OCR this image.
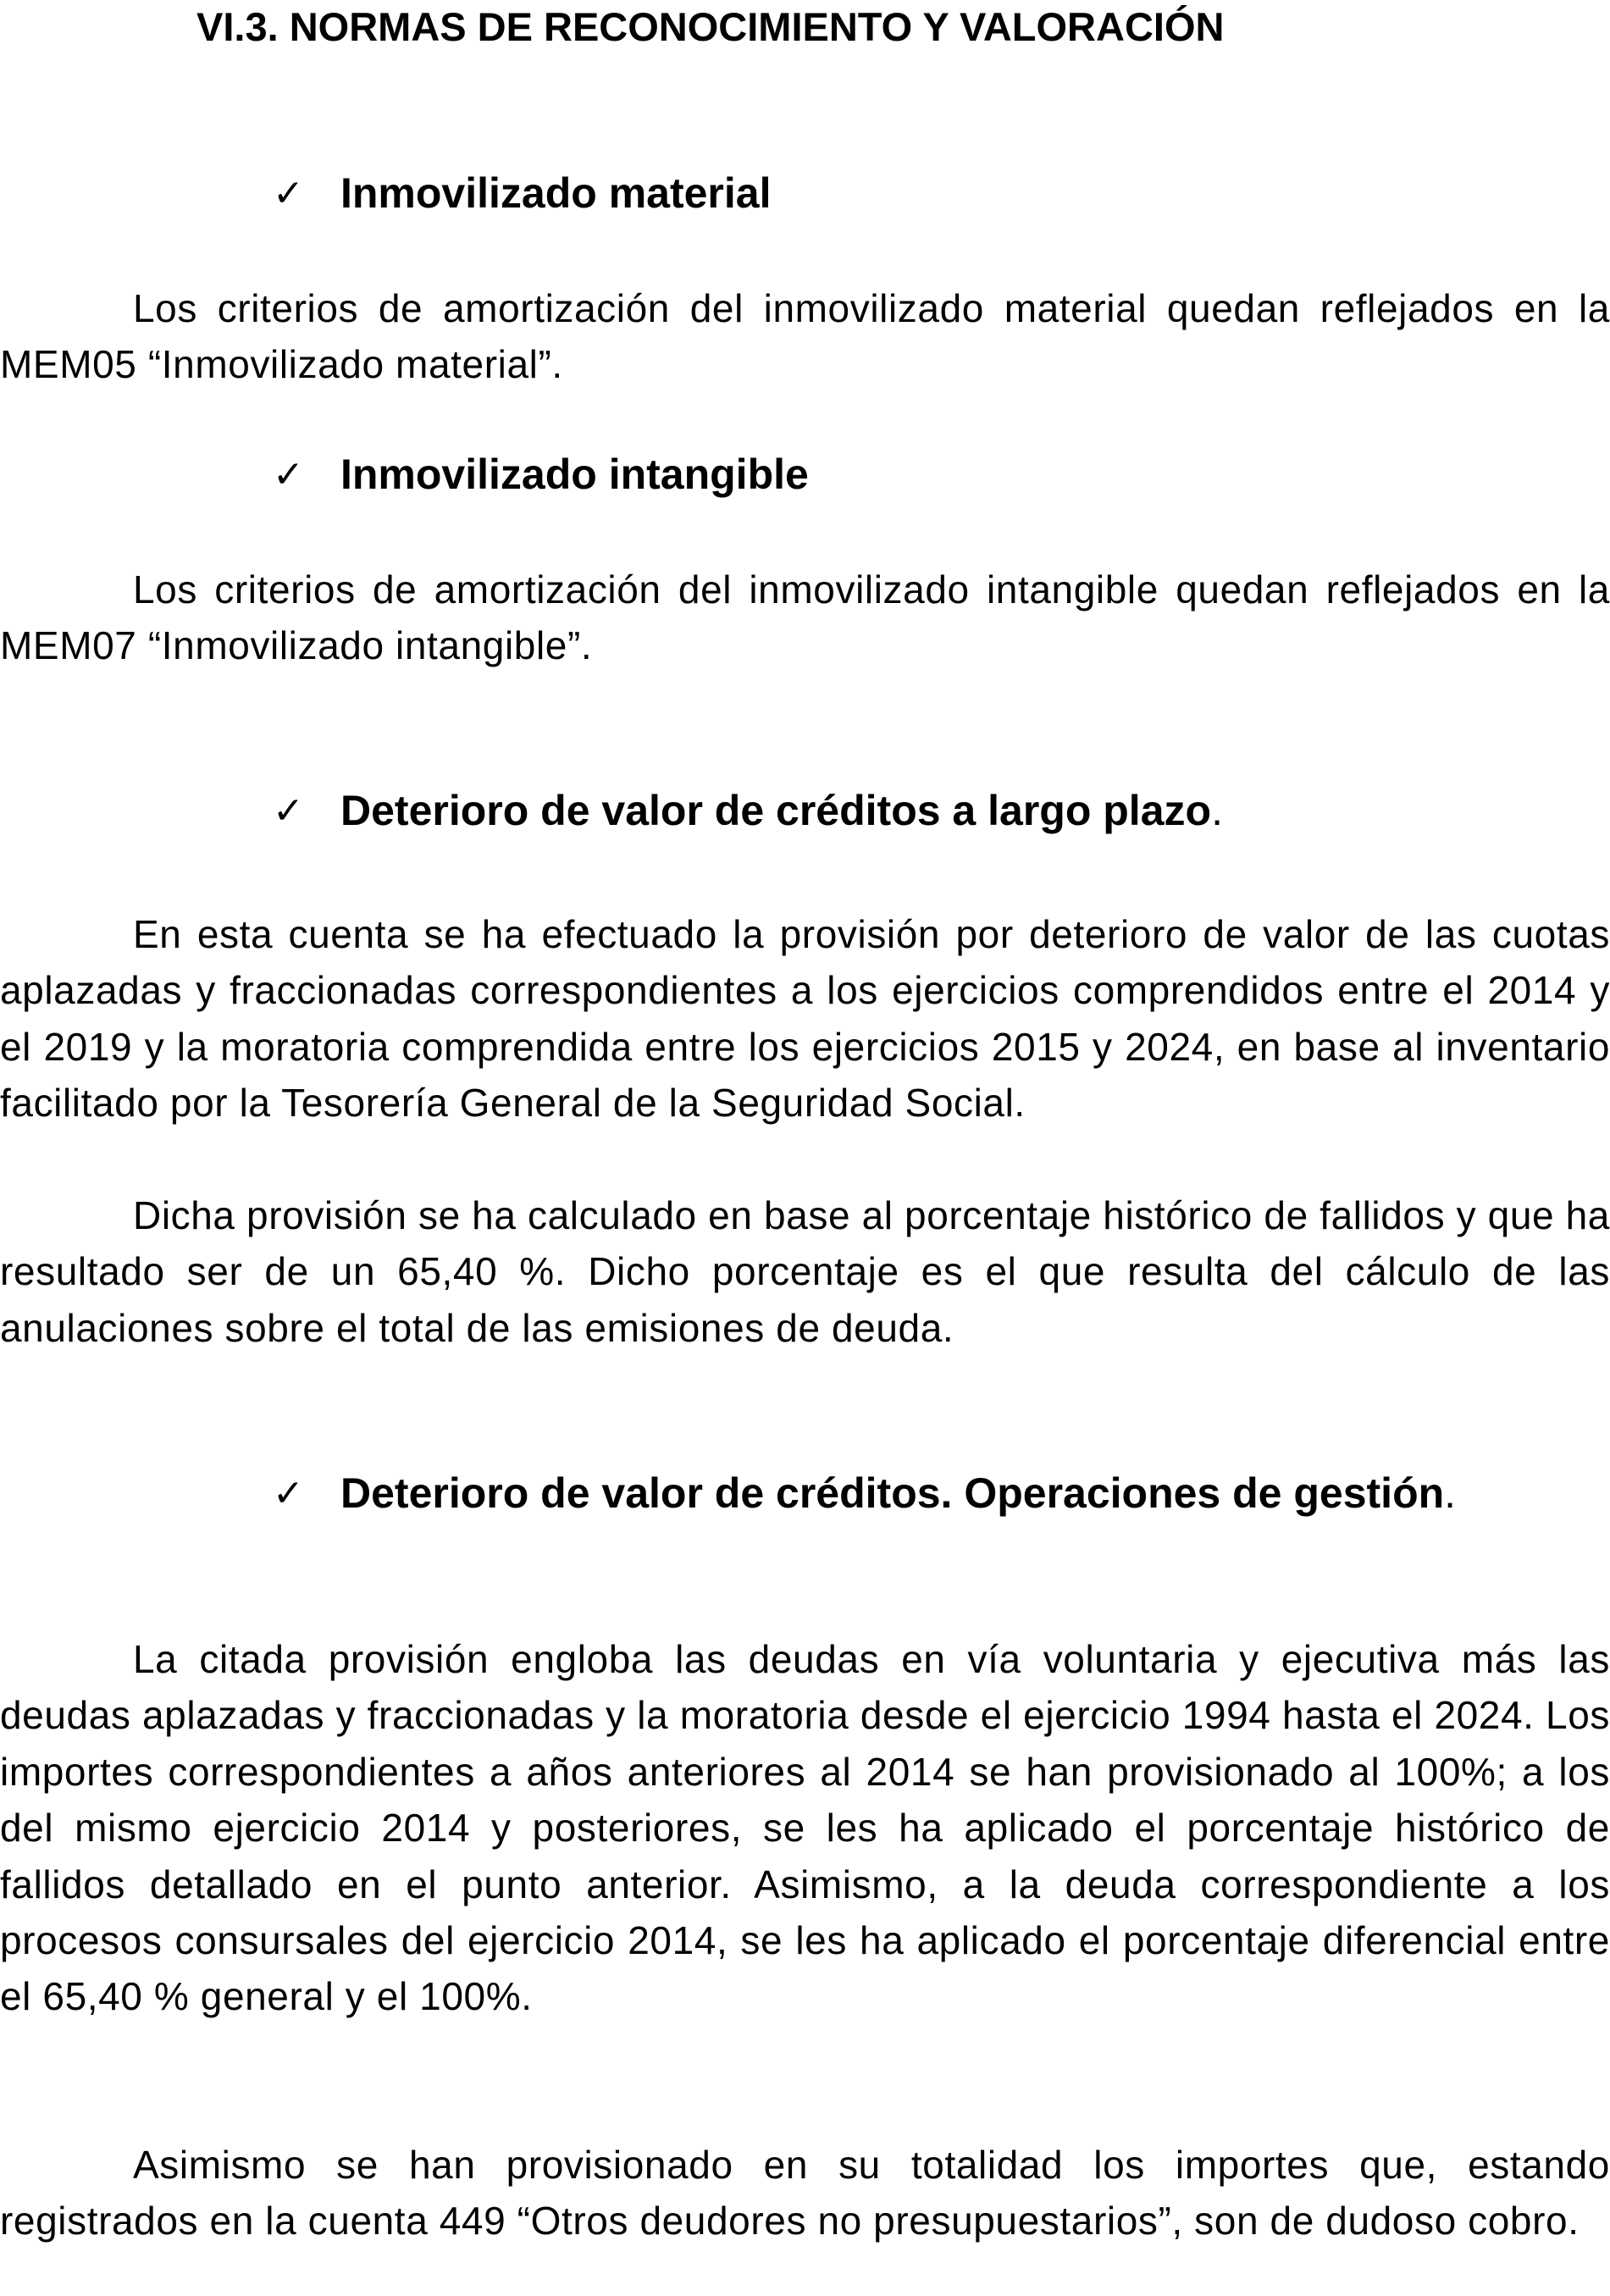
VI.3. NORMAS DE RECONOCIMIENTO Y VALORACIÓN
✓ Inmovilizado material

Los criterios de amortización del inmovilizado material quedan reflejados en la MEM05 “Inmovilizado material”.

✓ Inmovilizado intangible

Los criterios de amortización del inmovilizado intangible quedan reflejados en la MEM07 “Inmovilizado intangible”.

✓ Deterioro de valor de créditos a largo plazo.

En esta cuenta se ha efectuado la provisión por deterioro de valor de las cuotas aplazadas y fraccionadas correspondientes a los ejercicios comprendidos entre el 2014 y el 2019 y la moratoria comprendida entre los ejercicios 2015 y 2024, en base al inventario facilitado por la Tesorería General de la Seguridad Social.

Dicha provisión se ha calculado en base al porcentaje histórico de fallidos y que ha resultado ser de un 65,40 %. Dicho porcentaje es el que resulta del cálculo de las anulaciones sobre el total de las emisiones de deuda.

✓ Deterioro de valor de créditos. Operaciones de gestión.

La citada provisión engloba las deudas en vía voluntaria y ejecutiva más las deudas aplazadas y fraccionadas y la moratoria desde el ejercicio 1994 hasta el 2024. Los importes correspondientes a años anteriores al 2014 se han provisionado al 100%; a los del mismo ejercicio 2014 y posteriores, se les ha aplicado el porcentaje histórico de fallidos detallado en el punto anterior. Asimismo, a la deuda correspondiente a los procesos consursales del ejercicio 2014, se les ha aplicado el porcentaje diferencial entre el 65,40 % general y el 100%.

Asimismo se han provisionado en su totalidad los importes que, estando registrados en la cuenta 449 “Otros deudores no presupuestarios”, son de dudoso cobro.
